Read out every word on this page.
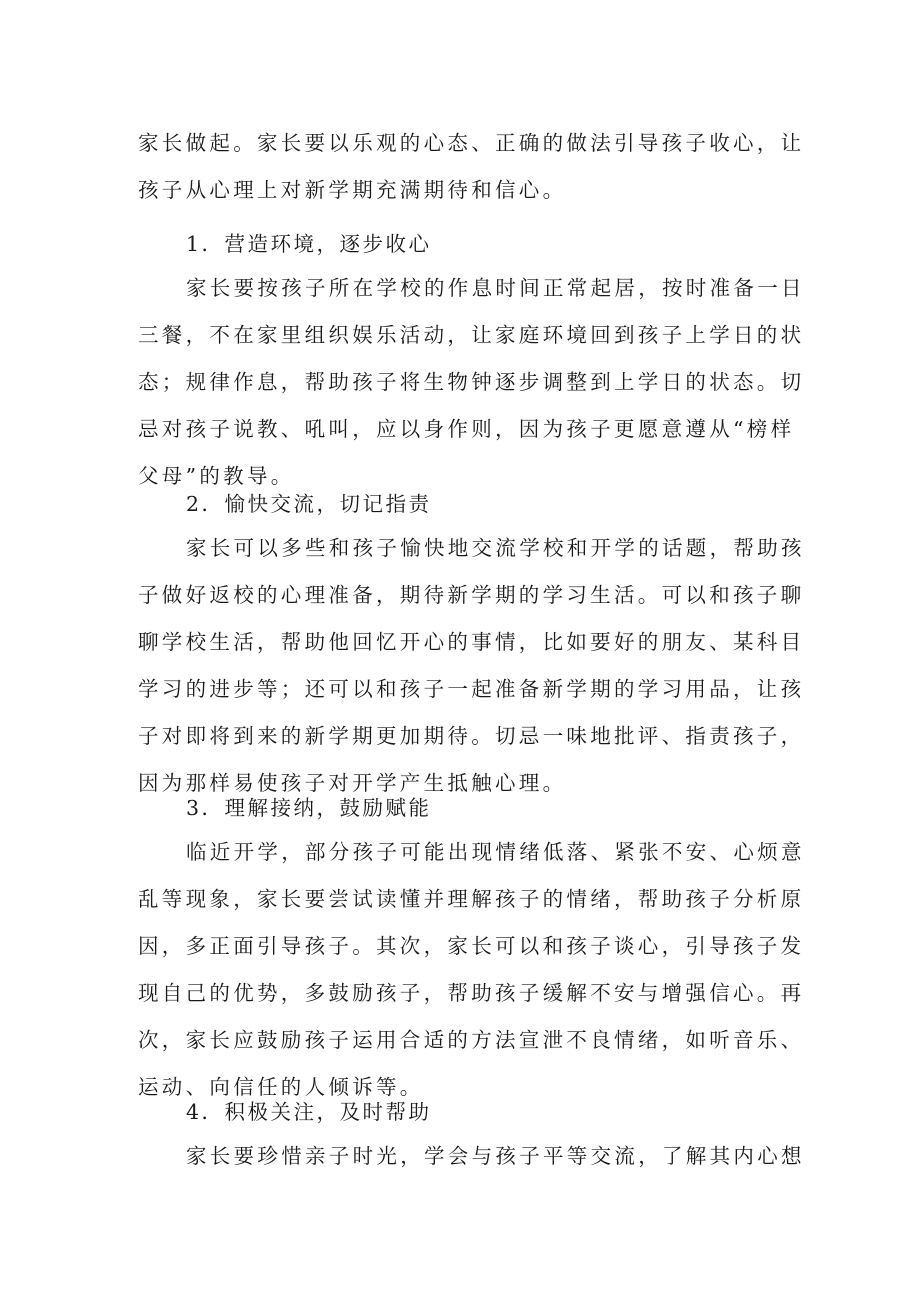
家长做起。家长要以乐观的心态、正确的做法引导孩子收心，让
孩子从心理上对新学期充满期待和信心。
1．营造环境，逐步收心
家长要按孩子所在学校的作息时间正常起居，按时准备一日
三餐，不在家里组织娱乐活动，让家庭环境回到孩子上学日的状
态；规律作息，帮助孩子将生物钟逐步调整到上学日的状态。切
忌对孩子说教、吼叫，应以身作则，因为孩子更愿意遵从“榜样
父母”的教导。
2．愉快交流，切记指责
家长可以多些和孩子愉快地交流学校和开学的话题，帮助孩
子做好返校的心理准备，期待新学期的学习生活。可以和孩子聊
聊学校生活，帮助他回忆开心的事情，比如要好的朋友、某科目
学习的进步等；还可以和孩子一起准备新学期的学习用品，让孩
子对即将到来的新学期更加期待。切忌一味地批评、指责孩子，
因为那样易使孩子对开学产生抵触心理。
3．理解接纳，鼓励赋能
临近开学，部分孩子可能出现情绪低落、紧张不安、心烦意
乱等现象，家长要尝试读懂并理解孩子的情绪，帮助孩子分析原
因，多正面引导孩子。其次，家长可以和孩子谈心，引导孩子发
现自己的优势，多鼓励孩子，帮助孩子缓解不安与增强信心。再
次，家长应鼓励孩子运用合适的方法宣泄不良情绪，如听音乐、
运动、向信任的人倾诉等。
4．积极关注，及时帮助
家长要珍惜亲子时光，学会与孩子平等交流，了解其内心想
